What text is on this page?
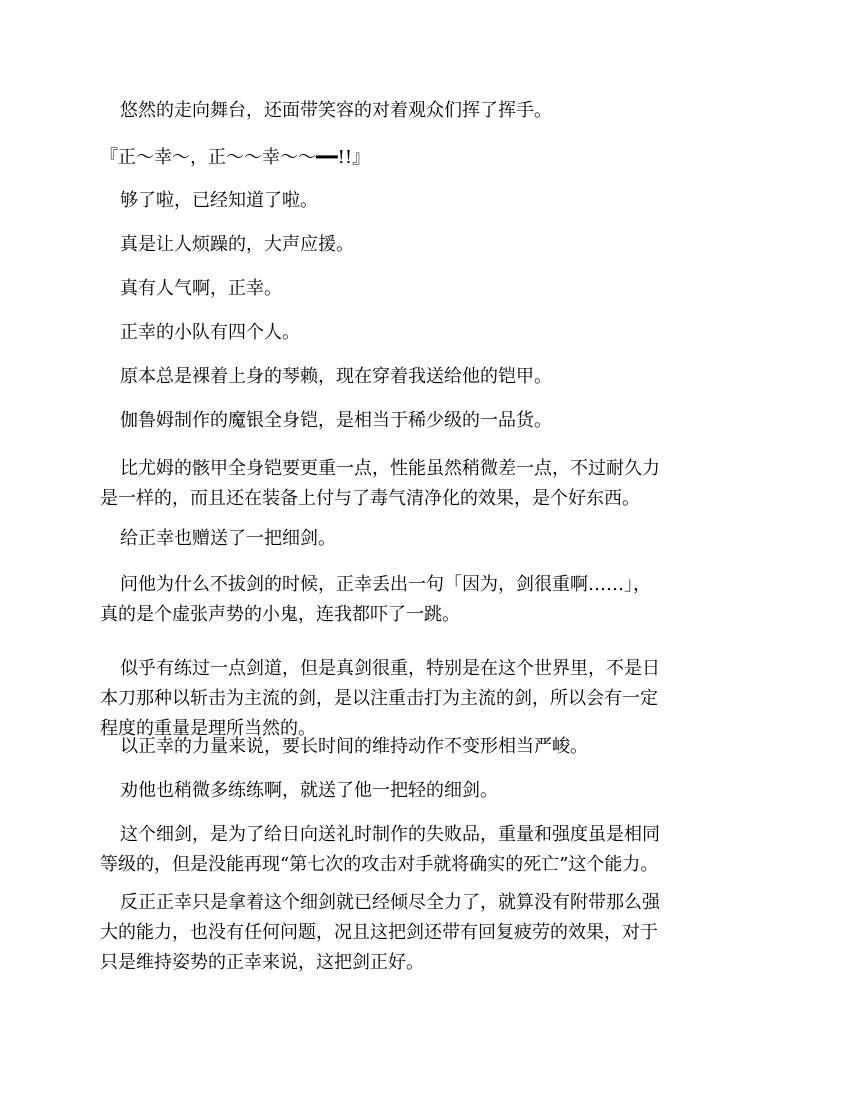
悠然的走向舞台，还面带笑容的对着观众们挥了挥手。

『正～幸～，正～～幸～～━━!!』

够了啦，已经知道了啦。

真是让人烦躁的，大声应援。

真有人气啊，正幸。

正幸的小队有四个人。

原本总是裸着上身的琴赖，现在穿着我送给他的铠甲。

伽鲁姆制作的魔银全身铠，是相当于稀少级的一品货。

比尤姆的骸甲全身铠要更重一点，性能虽然稍微差一点，不过耐久力
是一样的，而且还在装备上付与了毒气清净化的效果，是个好东西。

给正幸也赠送了一把细剑。

问他为什么不拔剑的时候，正幸丢出一句「因为，剑很重啊……」，
真的是个虚张声势的小鬼，连我都吓了一跳。

似乎有练过一点剑道，但是真剑很重，特别是在这个世界里，不是日
本刀那种以斩击为主流的剑，是以注重击打为主流的剑，所以会有一定
程度的重量是理所当然的。

以正幸的力量来说，要长时间的维持动作不变形相当严峻。

劝他也稍微多练练啊，就送了他一把轻的细剑。

这个细剑，是为了给日向送礼时制作的失败品，重量和强度虽是相同
等级的，但是没能再现“第七次的攻击对手就将确实的死亡”这个能力。

反正正幸只是拿着这个细剑就已经倾尽全力了，就算没有附带那么强
大的能力，也没有任何问题，况且这把剑还带有回复疲劳的效果，对于
只是维持姿势的正幸来说，这把剑正好。
